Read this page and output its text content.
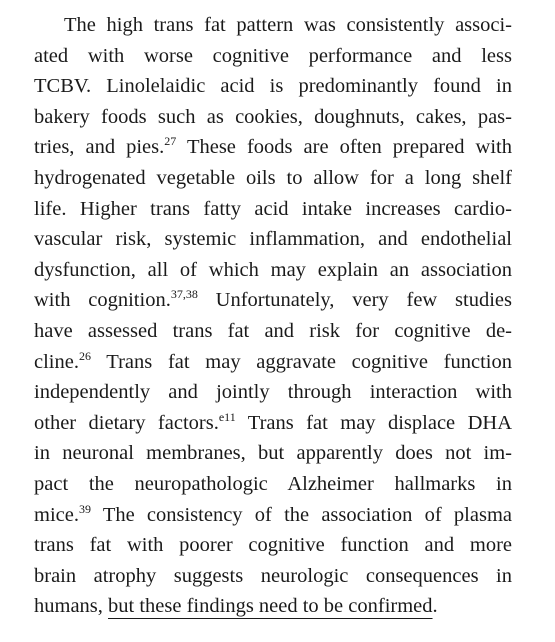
The high trans fat pattern was consistently associ-
ated with worse cognitive performance and less
TCBV. Linolelaidic acid is predominantly found in
bakery foods such as cookies, doughnuts, cakes, pas-
tries, and pies.$^{27}$ These foods are often prepared with
hydrogenated vegetable oils to allow for a long shelf
life. Higher trans fatty acid intake increases cardio-
vascular risk, systemic inflammation, and endothelial
dysfunction, all of which may explain an association
with cognition.$^{37,38}$ Unfortunately, very few studies
have assessed trans fat and risk for cognitive de-
cline.$^{26}$ Trans fat may aggravate cognitive function
independently and jointly through interaction with
other dietary factors.$^{e11}$ Trans fat may displace DHA
in neuronal membranes, but apparently does not im-
pact the neuropathologic Alzheimer hallmarks in
mice.$^{39}$ The consistency of the association of plasma
trans fat with poorer cognitive function and more
brain atrophy suggests neurologic consequences in
humans, but these findings need to be confirmed.
